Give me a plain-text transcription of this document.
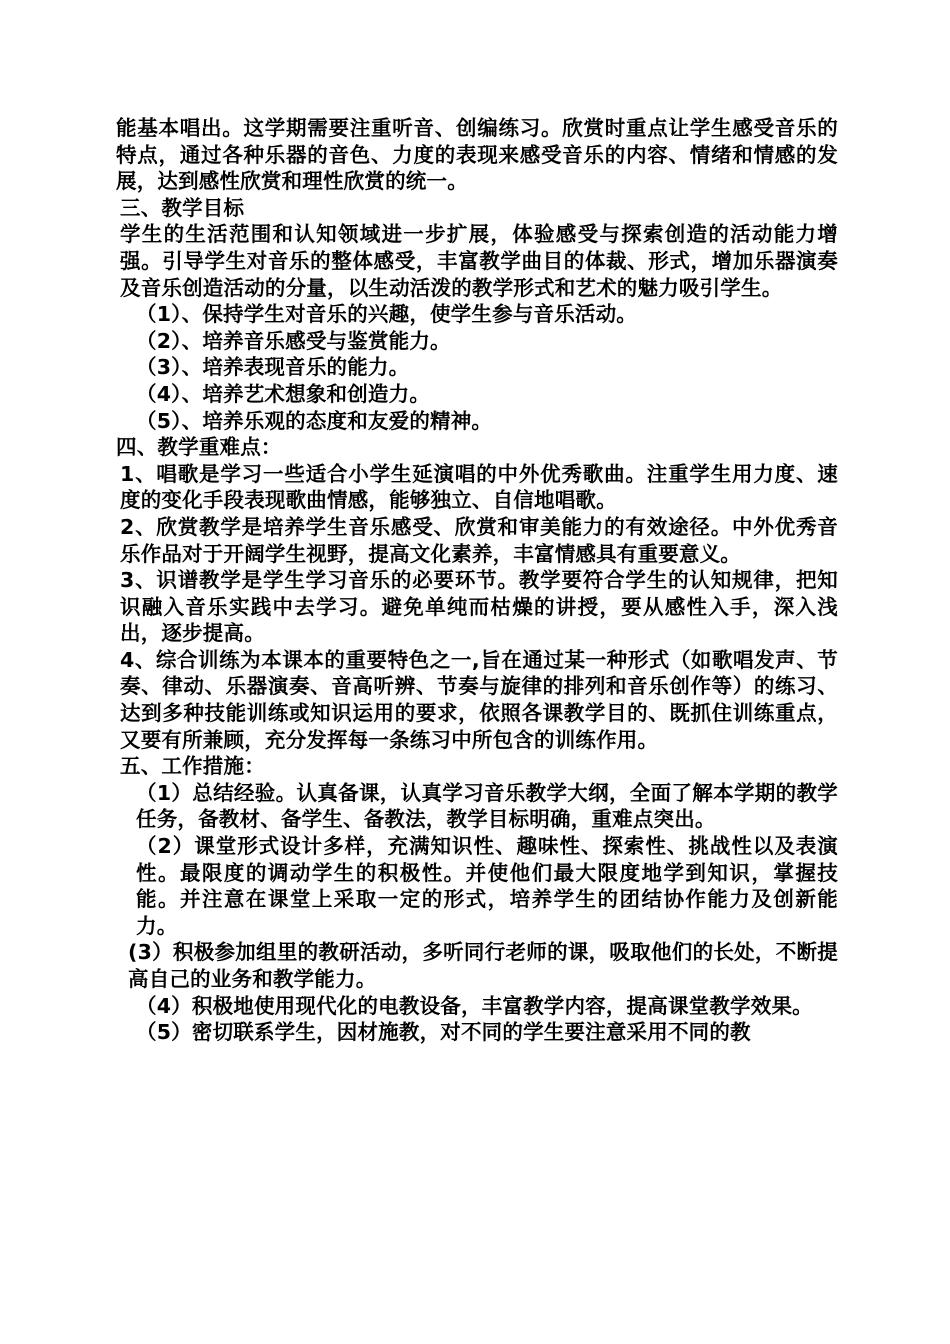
能基本唱出。这学期需要注重听音、创编练习。欣赏时重点让学生感受音乐的特点，通过各种乐器的音色、力度的表现来感受音乐的内容、情绪和情感的发展，达到感性欣赏和理性欣赏的统一。

三、教学目标

学生的生活范围和认知领域进一步扩展，体验感受与探索创造的活动能力增强。引导学生对音乐的整体感受，丰富教学曲目的体裁、形式，增加乐器演奏及音乐创造活动的分量，以生动活泼的教学形式和艺术的魅力吸引学生。

（1）、保持学生对音乐的兴趣，使学生参与音乐活动。

（2）、培养音乐感受与鉴赏能力。

（3）、培养表现音乐的能力。

（4）、培养艺术想象和创造力。

（5）、培养乐观的态度和友爱的精神。

四、教学重难点：

1、唱歌是学习一些适合小学生延演唱的中外优秀歌曲。注重学生用力度、速度的变化手段表现歌曲情感，能够独立、自信地唱歌。

2、欣赏教学是培养学生音乐感受、欣赏和审美能力的有效途径。中外优秀音乐作品对于开阔学生视野，提高文化素养，丰富情感具有重要意义。

3、识谱教学是学生学习音乐的必要环节。教学要符合学生的认知规律，把知识融入音乐实践中去学习。避免单纯而枯燥的讲授，要从感性入手，深入浅出，逐步提高。

4、综合训练为本课本的重要特色之一,旨在通过某一种形式（如歌唱发声、节奏、律动、乐器演奏、音高听辨、节奏与旋律的排列和音乐创作等）的练习、达到多种技能训练或知识运用的要求，依照各课教学目的、既抓住训练重点，又要有所兼顾，充分发挥每一条练习中所包含的训练作用。

五、工作措施：

（1）总结经验。认真备课，认真学习音乐教学大纲，全面了解本学期的教学任务，备教材、备学生、备教法，教学目标明确，重难点突出。

（2）课堂形式设计多样，充满知识性、趣味性、探索性、挑战性以及表演性。最限度的调动学生的积极性。并使他们最大限度地学到知识，掌握技能。并注意在课堂上采取一定的形式，培养学生的团结协作能力及创新能力。

(3）积极参加组里的教研活动，多听同行老师的课，吸取他们的长处，不断提高自己的业务和教学能力。

（4）积极地使用现代化的电教设备，丰富教学内容，提高课堂教学效果。

（5）密切联系学生，因材施教，对不同的学生要注意采用不同的教
